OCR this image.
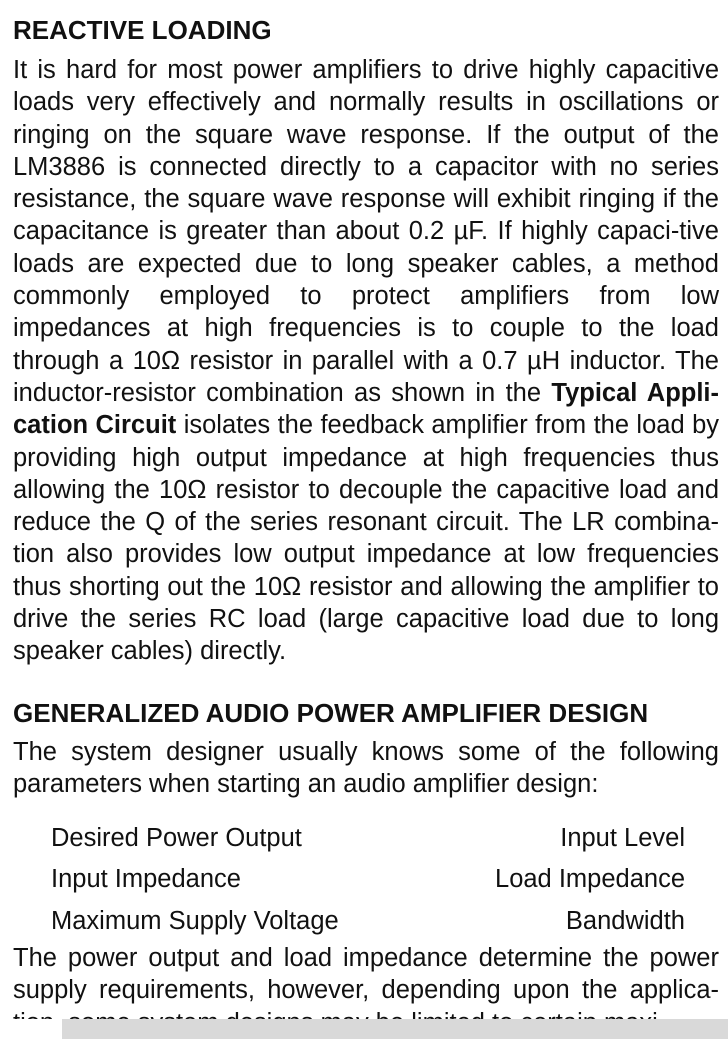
REACTIVE LOADING

It is hard for most power amplifiers to drive highly capacitive loads very effectively and normally results in oscillations or ringing on the square wave response. If the output of the LM3886 is connected directly to a capacitor with no series resistance, the square wave response will exhibit ringing if the capacitance is greater than about 0.2 µF. If highly capaci-tive loads are expected due to long speaker cables, a method commonly employed to protect amplifiers from low impedances at high frequencies is to couple to the load through a 10Ω resistor in parallel with a 0.7 µH inductor. The inductor-resistor combination as shown in the Typical Appli-cation Circuit isolates the feedback amplifier from the load by providing high output impedance at high frequencies thus allowing the 10Ω resistor to decouple the capacitive load and reduce the Q of the series resonant circuit. The LR combina-tion also provides low output impedance at low frequencies thus shorting out the 10Ω resistor and allowing the amplifier to drive the series RC load (large capacitive load due to long speaker cables) directly.

GENERALIZED AUDIO POWER AMPLIFIER DESIGN

The system designer usually knows some of the following parameters when starting an audio amplifier design:

Desired Power Output	Input Level
Input Impedance	Load Impedance
Maximum Supply Voltage	Bandwidth

The power output and load impedance determine the power supply requirements, however, depending upon the applica-
